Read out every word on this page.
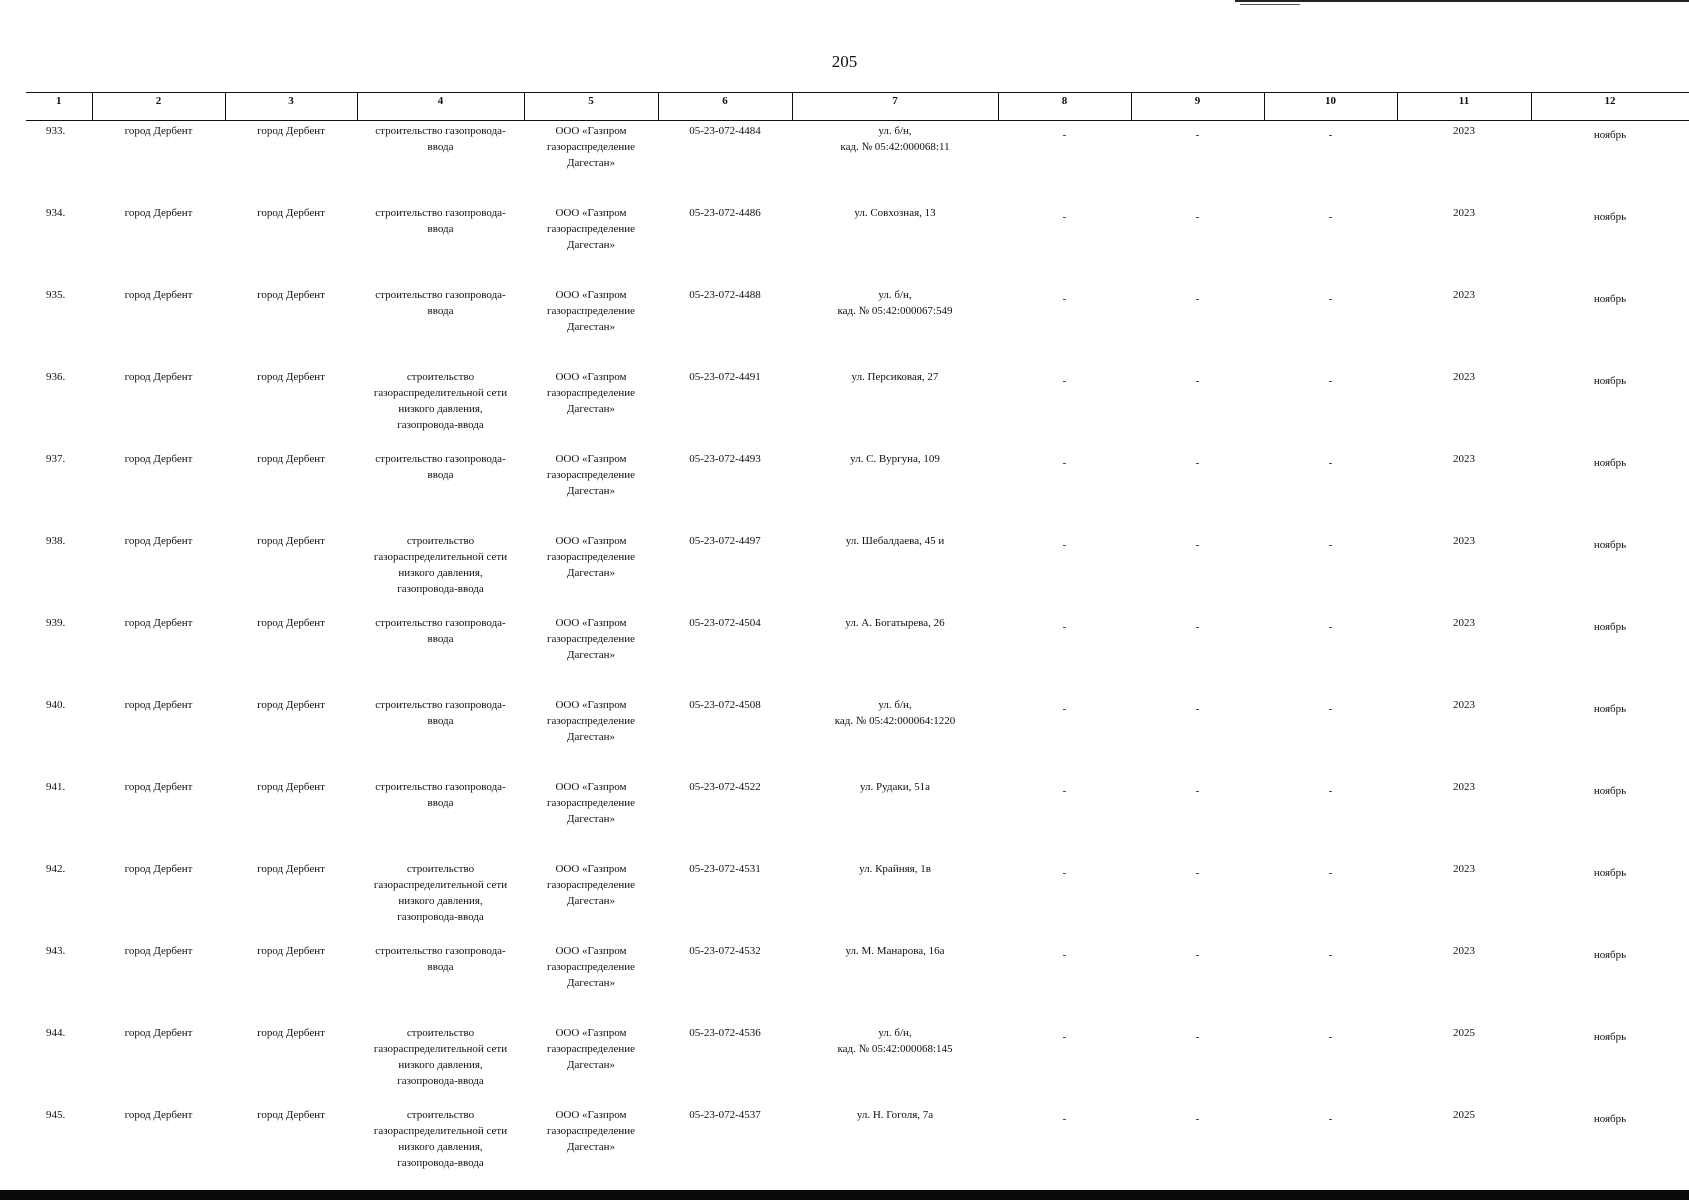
205
1	2	3	4	5	6	7	8	9	10	11	12
933.	город Дербент	город Дербент	строительство газопровода-
ввода	ООО «Газпром
газораспределение
Дагестан»	05-23-072-4484	ул. б/н,
кад. № 05:42:000068:11	-	-	-	2023	ноябрь
934.	город Дербент	город Дербент	строительство газопровода-
ввода	ООО «Газпром
газораспределение
Дагестан»	05-23-072-4486	ул. Совхозная, 13	-	-	-	2023	ноябрь
935.	город Дербент	город Дербент	строительство газопровода-
ввода	ООО «Газпром
газораспределение
Дагестан»	05-23-072-4488	ул. б/н,
кад. № 05:42:000067:549	-	-	-	2023	ноябрь
936.	город Дербент	город Дербент	строительство
газораспределительной сети
низкого давления,
газопровода-ввода	ООО «Газпром
газораспределение
Дагестан»	05-23-072-4491	ул. Персиковая, 27	-	-	-	2023	ноябрь
937.	город Дербент	город Дербент	строительство газопровода-
ввода	ООО «Газпром
газораспределение
Дагестан»	05-23-072-4493	ул. С. Вургуна, 109	-	-	-	2023	ноябрь
938.	город Дербент	город Дербент	строительство
газораспределительной сети
низкого давления,
газопровода-ввода	ООО «Газпром
газораспределение
Дагестан»	05-23-072-4497	ул. Шебалдаева, 45 и	-	-	-	2023	ноябрь
939.	город Дербент	город Дербент	строительство газопровода-
ввода	ООО «Газпром
газораспределение
Дагестан»	05-23-072-4504	ул. А. Богатырева, 26	-	-	-	2023	ноябрь
940.	город Дербент	город Дербент	строительство газопровода-
ввода	ООО «Газпром
газораспределение
Дагестан»	05-23-072-4508	ул. б/н,
кад. № 05:42:000064:1220	-	-	-	2023	ноябрь
941.	город Дербент	город Дербент	строительство газопровода-
ввода	ООО «Газпром
газораспределение
Дагестан»	05-23-072-4522	ул. Рудаки, 51а	-	-	-	2023	ноябрь
942.	город Дербент	город Дербент	строительство
газораспределительной сети
низкого давления,
газопровода-ввода	ООО «Газпром
газораспределение
Дагестан»	05-23-072-4531	ул. Крайняя, 1в	-	-	-	2023	ноябрь
943.	город Дербент	город Дербент	строительство газопровода-
ввода	ООО «Газпром
газораспределение
Дагестан»	05-23-072-4532	ул. М. Манарова, 16а	-	-	-	2023	ноябрь
944.	город Дербент	город Дербент	строительство
газораспределительной сети
низкого давления,
газопровода-ввода	ООО «Газпром
газораспределение
Дагестан»	05-23-072-4536	ул. б/н,
кад. № 05:42:000068:145	-	-	-	2025	ноябрь
945.	город Дербент	город Дербент	строительство
газораспределительной сети
низкого давления,
газопровода-ввода	ООО «Газпром
газораспределение
Дагестан»	05-23-072-4537	ул. Н. Гоголя, 7а	-	-	-	2025	ноябрь
